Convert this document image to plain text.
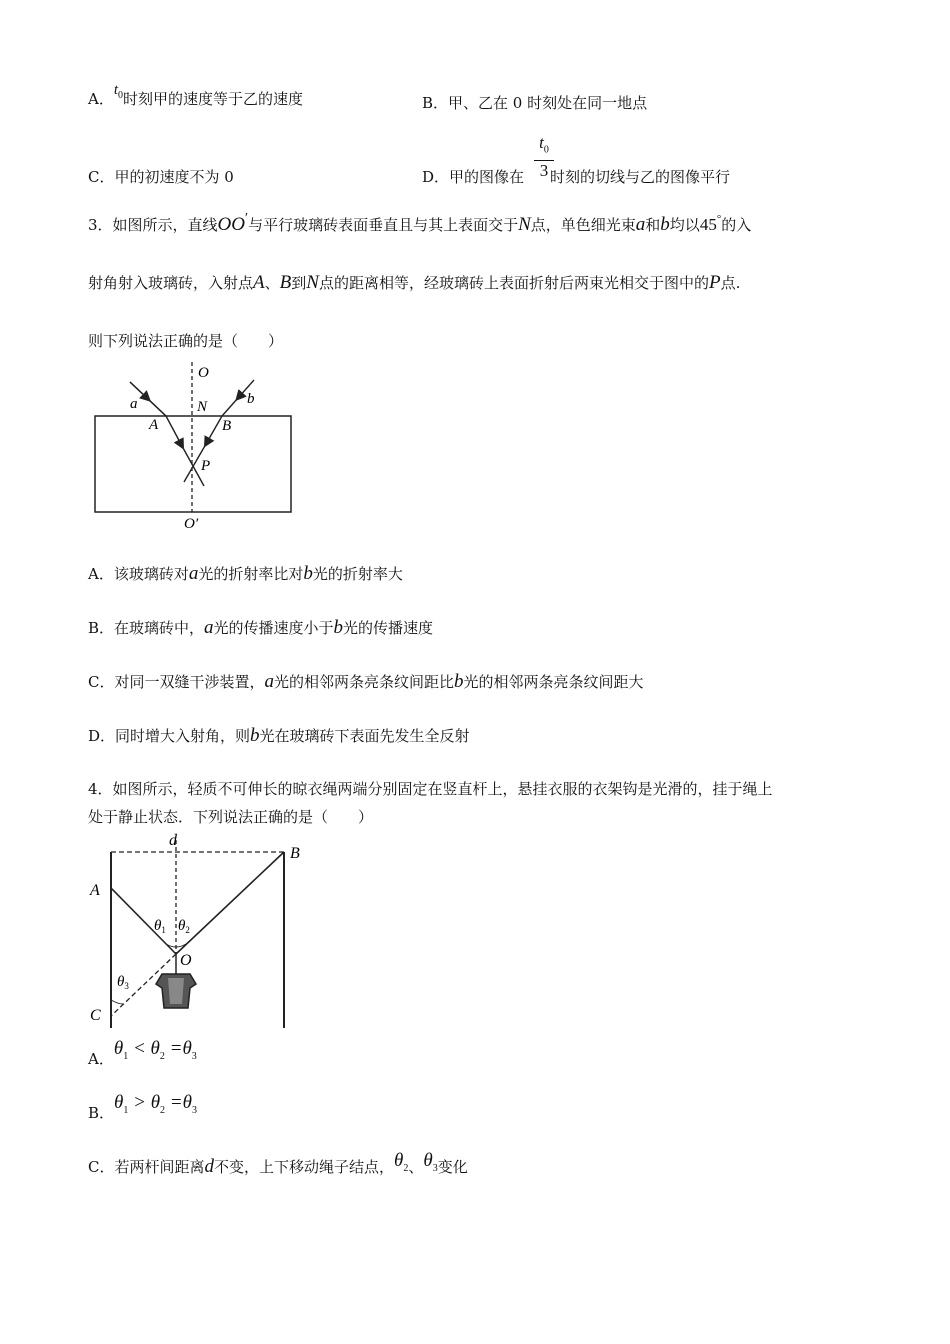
A．$t_0$时刻甲的速度等于乙的速度	B．甲、乙在 0 时刻处在同一地点
C．甲的初速度不为 0	D．甲的图像在 时刻的切线与乙的图像平行
$t_0$
3
3．如图所示，直线OO′与平行玻璃砖表面垂直且与其上表面交于N点，单色细光束a和b均以45°的入
射角射入玻璃砖，入射点A、B到N点的距离相等，经玻璃砖上表面折射后两束光相交于图中的P点.
则下列说法正确的是（　　）
O
N
a	b
A	B
P
O′
A．该玻璃砖对a光的折射率比对b光的折射率大
B．在玻璃砖中，a光的传播速度小于b光的传播速度
C．对同一双缝干涉装置，a光的相邻两条亮条纹间距比b光的相邻两条亮条纹间距大
D．同时增大入射角，则b光在玻璃砖下表面先发生全反射
4．如图所示，轻质不可伸长的晾衣绳两端分别固定在竖直杆上，悬挂衣服的衣架钩是光滑的，挂于绳上
处于静止状态．下列说法正确的是（　　）
d
A
B
C
O
$\theta_1$ $\theta_2$
$\theta_3$
A．$\theta_1 < \theta_2 =\theta_3$
B．$\theta_1 > \theta_2 =\theta_3$
C．若两杆间距离d不变，上下移动绳子结点，$\theta_2$、$\theta_3$变化
